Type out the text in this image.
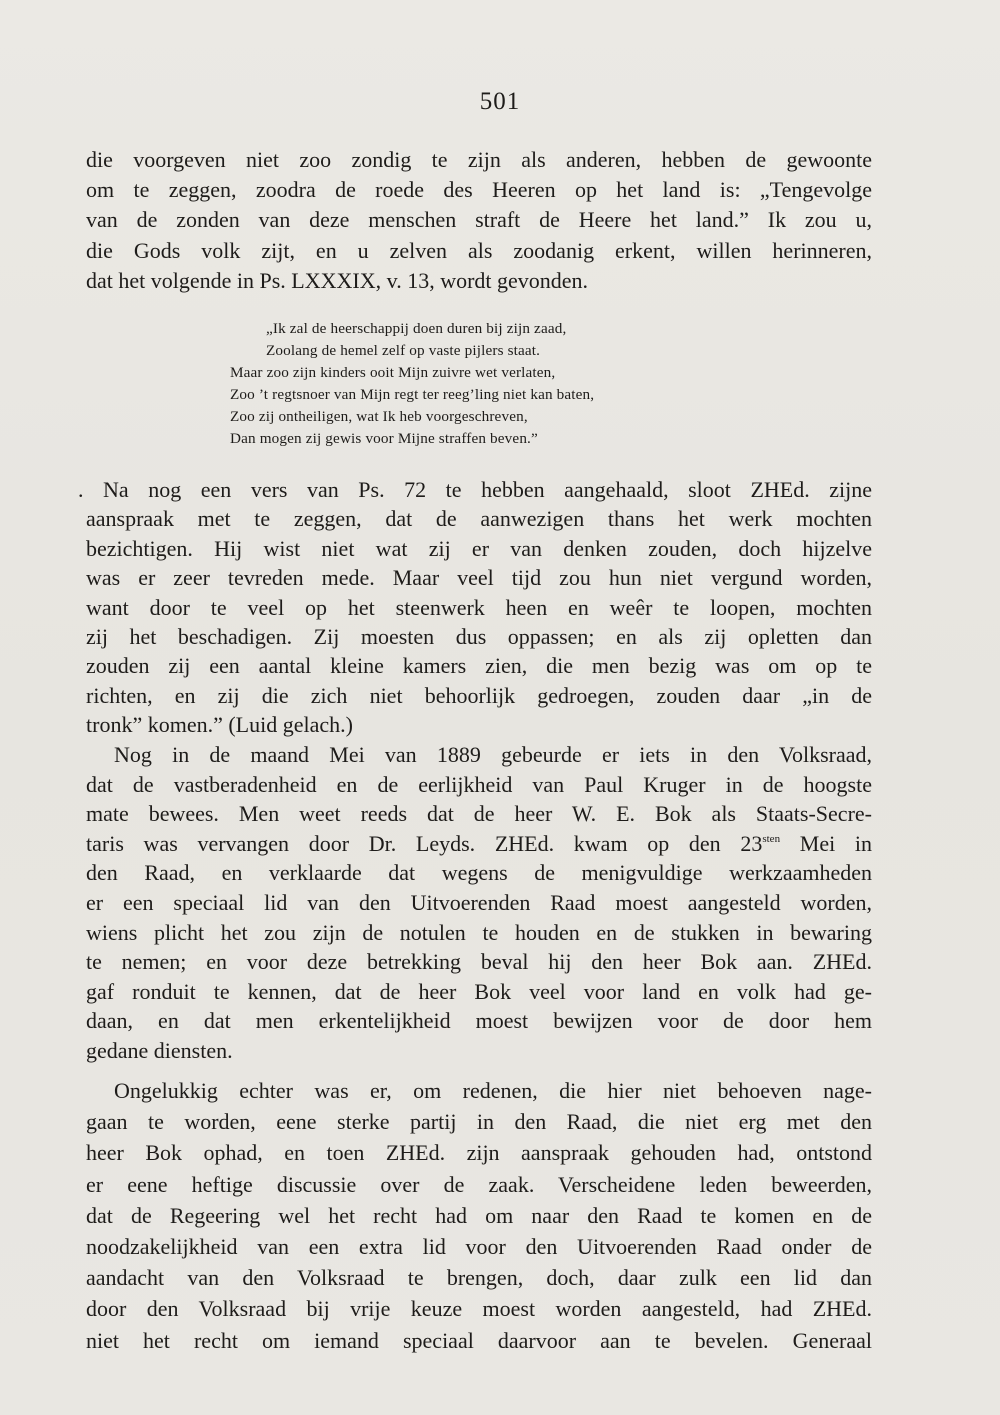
501
die voorgeven niet zoo zondig te zijn als anderen, hebben de gewoonte
om te zeggen, zoodra de roede des Heeren op het land is: „Tengevolge
van de zonden van deze menschen straft de Heere het land.” Ik zou u,
die Gods volk zijt, en u zelven als zoodanig erkent, willen herinneren,
dat het volgende in Ps. LXXXIX, v. 13, wordt gevonden.
„Ik zal de heerschappij doen duren bij zijn zaad,
Zoolang de hemel zelf op vaste pijlers staat.
Maar zoo zijn kinders ooit Mijn zuivre wet verlaten,
Zoo ’t regtsnoer van Mijn regt ter reeg’ling niet kan baten,
Zoo zij ontheiligen, wat Ik heb voorgeschreven,
Dan mogen zij gewis voor Mijne straffen beven.”
. Na nog een vers van Ps. 72 te hebben aangehaald, sloot ZHEd. zijne
aanspraak met te zeggen, dat de aanwezigen thans het werk mochten
bezichtigen. Hij wist niet wat zij er van denken zouden, doch hijzelve
was er zeer tevreden mede. Maar veel tijd zou hun niet vergund worden,
want door te veel op het steenwerk heen en weêr te loopen, mochten
zij het beschadigen. Zij moesten dus oppassen; en als zij opletten dan
zouden zij een aantal kleine kamers zien, die men bezig was om op te
richten, en zij die zich niet behoorlijk gedroegen, zouden daar „in de
tronk” komen.” (Luid gelach.)
Nog in de maand Mei van 1889 gebeurde er iets in den Volksraad,
dat de vastberadenheid en de eerlijkheid van Paul Kruger in de hoogste
mate bewees. Men weet reeds dat de heer W. E. Bok als Staats-Secre-
taris was vervangen door Dr. Leyds. ZHEd. kwam op den $23^{sten}$ Mei in
den Raad, en verklaarde dat wegens de menigvuldige werkzaamheden
er een speciaal lid van den Uitvoerenden Raad moest aangesteld worden,
wiens plicht het zou zijn de notulen te houden en de stukken in bewaring
te nemen; en voor deze betrekking beval hij den heer Bok aan. ZHEd.
gaf ronduit te kennen, dat de heer Bok veel voor land en volk had ge-
daan, en dat men erkentelijkheid moest bewijzen voor de door hem
gedane diensten.
Ongelukkig echter was er, om redenen, die hier niet behoeven nage-
gaan te worden, eene sterke partij in den Raad, die niet erg met den
heer Bok ophad, en toen ZHEd. zijn aanspraak gehouden had, ontstond
er eene heftige discussie over de zaak. Verscheidene leden beweerden,
dat de Regeering wel het recht had om naar den Raad te komen en de
noodzakelijkheid van een extra lid voor den Uitvoerenden Raad onder de
aandacht van den Volksraad te brengen, doch, daar zulk een lid dan
door den Volksraad bij vrije keuze moest worden aangesteld, had ZHEd.
niet het recht om iemand speciaal daarvoor aan te bevelen. Generaal
